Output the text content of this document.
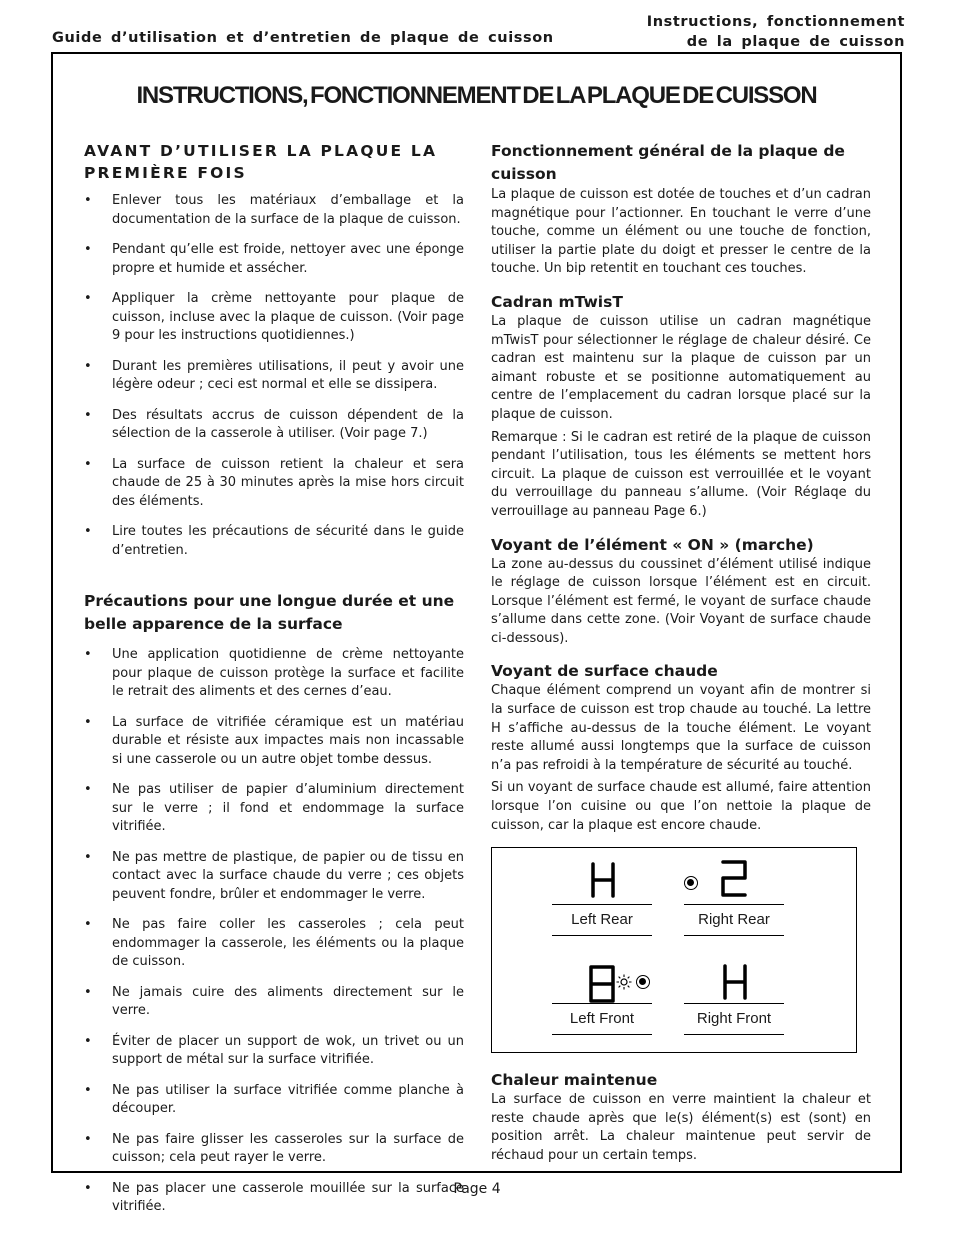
Guide d’utilisation et d’entretien de plaque de cuisson
Instructions, fonctionnement
de la plaque de cuisson
INSTRUCTIONS, FONCTIONNEMENT DE LA PLAQUE DE CUISSON
AVANT D’UTILISER LA PLAQUE LA PREMIÈRE FOIS
• Enlever tous les matériaux d’emballage et la documentation de la surface de la plaque de cuisson.
• Pendant qu’elle est froide, nettoyer avec une éponge propre et humide et assécher.
• Appliquer la crème nettoyante pour plaque de cuisson, incluse avec la plaque de cuisson. (Voir page 9 pour les instructions quotidiennes.)
• Durant les premières utilisations, il peut y avoir une légère odeur ; ceci est normal et elle se dissipera.
• Des résultats accrus de cuisson dépendent de la sélection de la casserole à utiliser. (Voir page 7.)
• La surface de cuisson retient la chaleur et sera chaude de 25 à 30 minutes après la mise hors circuit des éléments.
• Lire toutes les précautions de sécurité dans le guide d’entretien.
Précautions pour une longue durée et une belle apparence de la surface
• Une application quotidienne de crème nettoyante pour plaque de cuisson protège la surface et facilite le retrait des aliments et des cernes d’eau.
• La surface de vitrifiée céramique est un matériau durable et résiste aux impactes mais non incassable si une casserole ou un autre objet tombe dessus.
• Ne pas utiliser de papier d’aluminium directement sur le verre ; il fond et endommage la surface vitrifiée.
• Ne pas mettre de plastique, de papier ou de tissu en contact avec la surface chaude du verre ; ces objets peuvent fondre, brûler et endommager le verre.
• Ne pas faire coller les casseroles ; cela peut endommager la casserole, les éléments ou la plaque de cuisson.
• Ne jamais cuire des aliments directement sur le verre.
• Éviter de placer un support de wok, un trivet ou un support de métal sur la surface vitrifiée.
• Ne pas utiliser la surface vitrifiée comme planche à découper.
• Ne pas faire glisser les casseroles sur la surface de cuisson; cela peut rayer le verre.
• Ne pas placer une casserole mouillée sur la surface vitrifiée.
Fonctionnement général de la plaque de cuisson

La plaque de cuisson est dotée de touches et d’un cadran magnétique pour l’actionner. En touchant le verre d’une touche, comme un élément ou une touche de fonction, utiliser la partie plate du doigt et presser le centre de la touche. Un bip retentit en touchant ces touches.

Cadran mTwisT

La plaque de cuisson utilise un cadran magnétique mTwisT pour sélectionner le réglage de chaleur désiré. Ce cadran est maintenu sur la plaque de cuisson par un aimant robuste et se positionne automatiquement au centre de l’emplacement du cadran lorsque placé sur la plaque de cuisson.

Remarque : Si le cadran est retiré de la plaque de cuisson pendant l’utilisation, tous les éléments se mettent hors circuit. La plaque de cuisson est verrouillée et le voyant du verrouillage du panneau s’allume. (Voir Réglaqe du verrouillage au panneau Page 6.)

Voyant de l’élément « ON » (marche)

La zone au-dessus du coussinet d’élément utilisé indique le réglage de cuisson lorsque l’élément est en circuit. Lorsque l’élément est fermé, le voyant de surface chaude s’allume dans cette zone. (Voir Voyant de surface chaude ci-dessous).

Voyant de surface chaude

Chaque élément comprend un voyant afin de montrer si la surface de cuisson est trop chaude au touché. La lettre H s’affiche au-dessus de la touche élément. Le voyant reste allumé aussi longtemps que la surface de cuisson n’a pas refroidi à la température de sécurité au touché.

Si un voyant de surface chaude est allumé, faire attention lorsque l’on cuisine ou que l’on nettoie la plaque de cuisson, car la plaque est encore chaude.

Left Rear	Right Rear
Left Front	Right Front
Chaleur maintenue

La surface de cuisson en verre maintient la chaleur et reste chaude après que le(s) élément(s) est (sont) en position arrêt. La chaleur maintenue peut servir de réchaud pour un certain temps.

Page 4
